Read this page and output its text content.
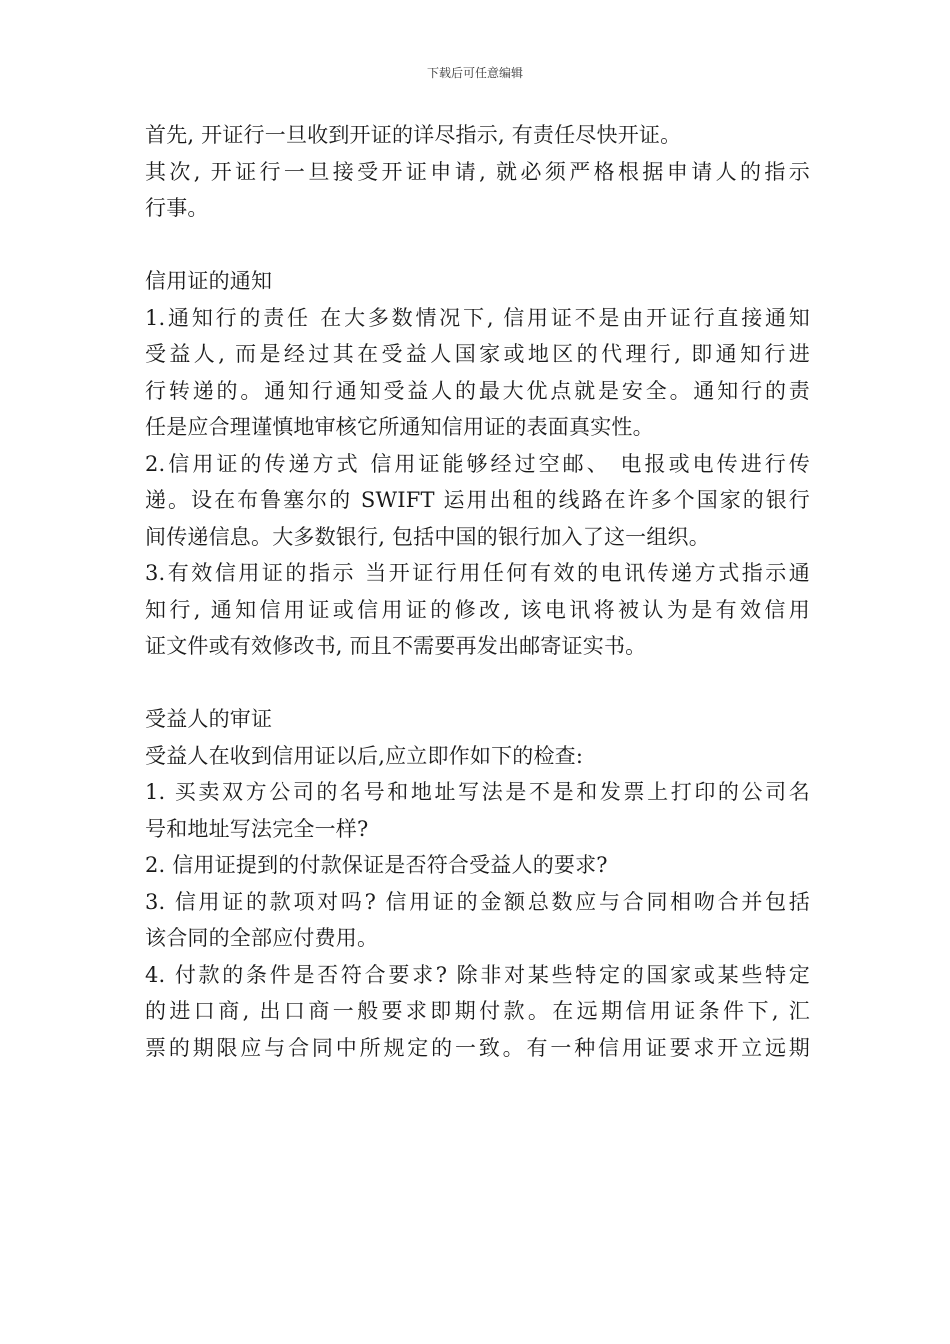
下载后可任意编辑
首先, 开证行一旦收到开证的详尽指示, 有责任尽快开证。
其次, 开证行一旦接受开证申请, 就必须严格根据申请人的指示
行事。
信用证的通知
1.通知行的责任 在大多数情况下, 信用证不是由开证行直接通知
受益人, 而是经过其在受益人国家或地区的代理行, 即通知行进
行转递的。通知行通知受益人的最大优点就是安全。通知行的责
任是应合理谨慎地审核它所通知信用证的表面真实性。
2.信用证的传递方式 信用证能够经过空邮、 电报或电传进行传
递。设在布鲁塞尔的 SWIFT 运用出租的线路在许多个国家的银行
间传递信息。大多数银行, 包括中国的银行加入了这一组织。
3.有效信用证的指示 当开证行用任何有效的电讯传递方式指示通
知行, 通知信用证或信用证的修改, 该电讯将被认为是有效信用
证文件或有效修改书, 而且不需要再发出邮寄证实书。
受益人的审证
受益人在收到信用证以后,应立即作如下的检查:
1. 买卖双方公司的名号和地址写法是不是和发票上打印的公司名
号和地址写法完全一样?
2. 信用证提到的付款保证是否符合受益人的要求?
3. 信用证的款项对吗? 信用证的金额总数应与合同相吻合并包括
该合同的全部应付费用。
4. 付款的条件是否符合要求? 除非对某些特定的国家或某些特定
的进口商, 出口商一般要求即期付款。在远期信用证条件下, 汇
票的期限应与合同中所规定的一致。有一种信用证要求开立远期
